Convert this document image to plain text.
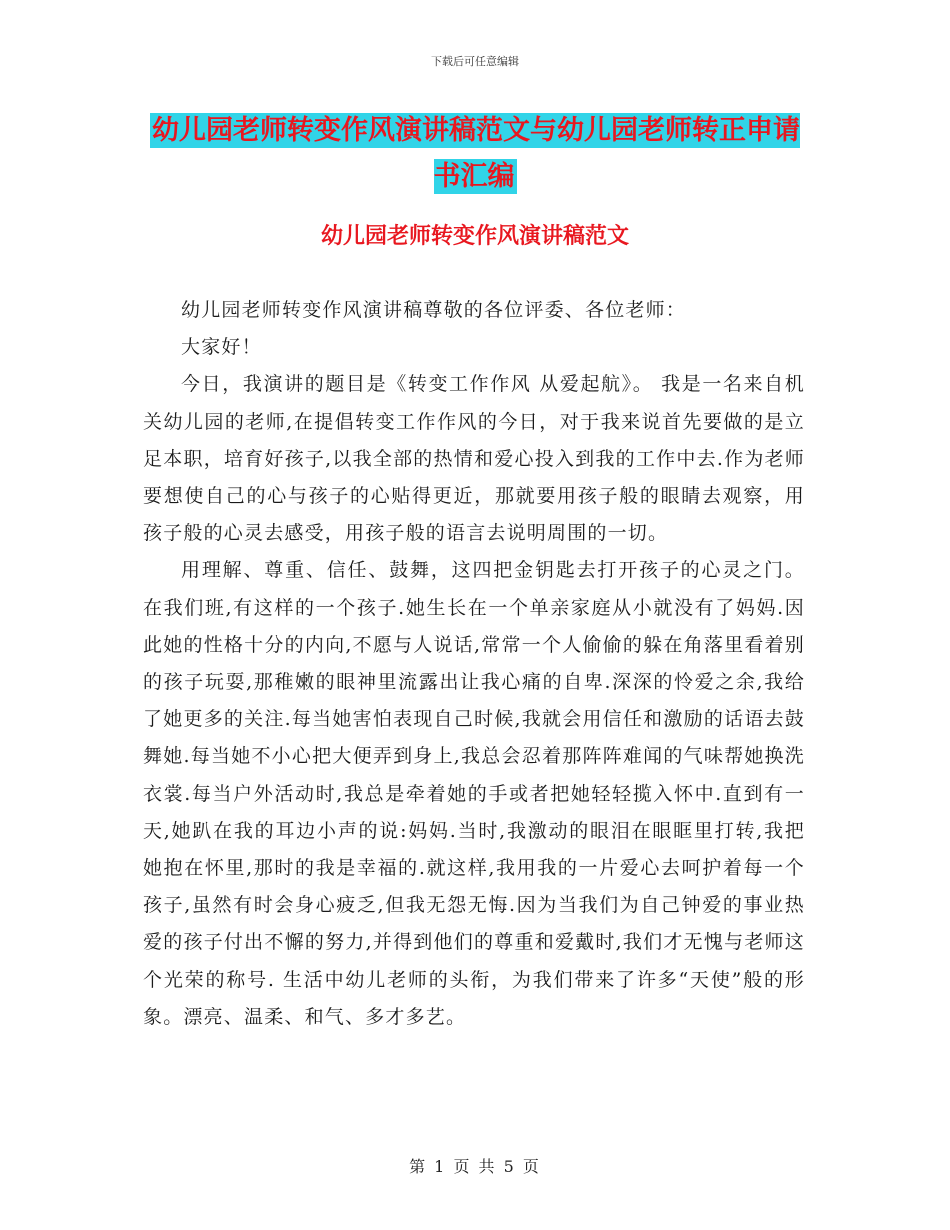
下载后可任意编辑
幼儿园老师转变作风演讲稿范文与幼儿园老师转正申请书汇编
幼儿园老师转变作风演讲稿范文

幼儿园老师转变作风演讲稿尊敬的各位评委、各位老师：

大家好！

今日，我演讲的题目是《转变工作作风 从爱起航》。 我是一名来自机关幼儿园的老师,在提倡转变工作作风的今日，对于我来说首先要做的是立足本职，培育好孩子,以我全部的热情和爱心投入到我的工作中去.作为老师要想使自己的心与孩子的心贴得更近，那就要用孩子般的眼睛去观察，用孩子般的心灵去感受，用孩子般的语言去说明周围的一切。

用理解、尊重、信任、鼓舞，这四把金钥匙去打开孩子的心灵之门。在我们班,有这样的一个孩子.她生长在一个单亲家庭从小就没有了妈妈.因此她的性格十分的内向,不愿与人说话,常常一个人偷偷的躲在角落里看着别的孩子玩耍,那稚嫩的眼神里流露出让我心痛的自卑.深深的怜爱之余,我给了她更多的关注.每当她害怕表现自己时候,我就会用信任和激励的话语去鼓舞她.每当她不小心把大便弄到身上,我总会忍着那阵阵难闻的气味帮她换洗衣裳.每当户外活动时,我总是牵着她的手或者把她轻轻揽入怀中.直到有一天,她趴在我的耳边小声的说:妈妈.当时,我激动的眼泪在眼眶里打转,我把她抱在怀里,那时的我是幸福的.就这样,我用我的一片爱心去呵护着每一个孩子,虽然有时会身心疲乏,但我无怨无悔.因为当我们为自己钟爱的事业热爱的孩子付出不懈的努力,并得到他们的尊重和爱戴时,我们才无愧与老师这个光荣的称号. 生活中幼儿老师的头衔，为我们带来了许多“天使”般的形象。漂亮、温柔、和气、多才多艺。

第 1 页 共 5 页
